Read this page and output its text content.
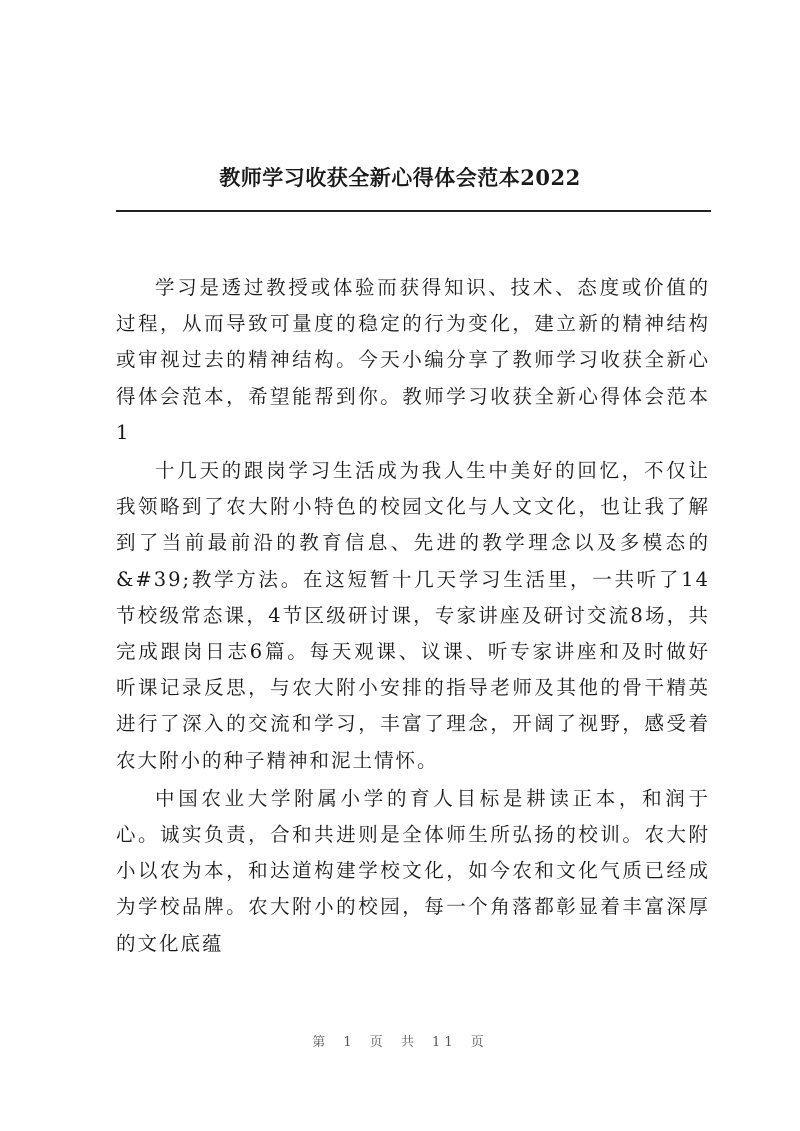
教师学习收获全新心得体会范本2022

学习是透过教授或体验而获得知识、技术、态度或价值的过程，从而导致可量度的稳定的行为变化，建立新的精神结构或审视过去的精神结构。今天小编分享了教师学习收获全新心得体会范本，希望能帮到你。教师学习收获全新心得体会范本1

十几天的跟岗学习生活成为我人生中美好的回忆，不仅让我领略到了农大附小特色的校园文化与人文文化，也让我了解到了当前最前沿的教育信息、先进的教学理念以及多模态的&#39;教学方法。在这短暂十几天学习生活里，一共听了14节校级常态课，4节区级研讨课，专家讲座及研讨交流8场，共完成跟岗日志6篇。每天观课、议课、听专家讲座和及时做好听课记录反思，与农大附小安排的指导老师及其他的骨干精英进行了深入的交流和学习，丰富了理念，开阔了视野，感受着农大附小的种子精神和泥土情怀。

中国农业大学附属小学的育人目标是耕读正本，和润于心。诚实负责，合和共进则是全体师生所弘扬的校训。农大附小以农为本，和达道构建学校文化，如今农和文化气质已经成为学校品牌。农大附小的校园，每一个角落都彰显着丰富深厚的文化底蕴

第 1 页 共 11 页
